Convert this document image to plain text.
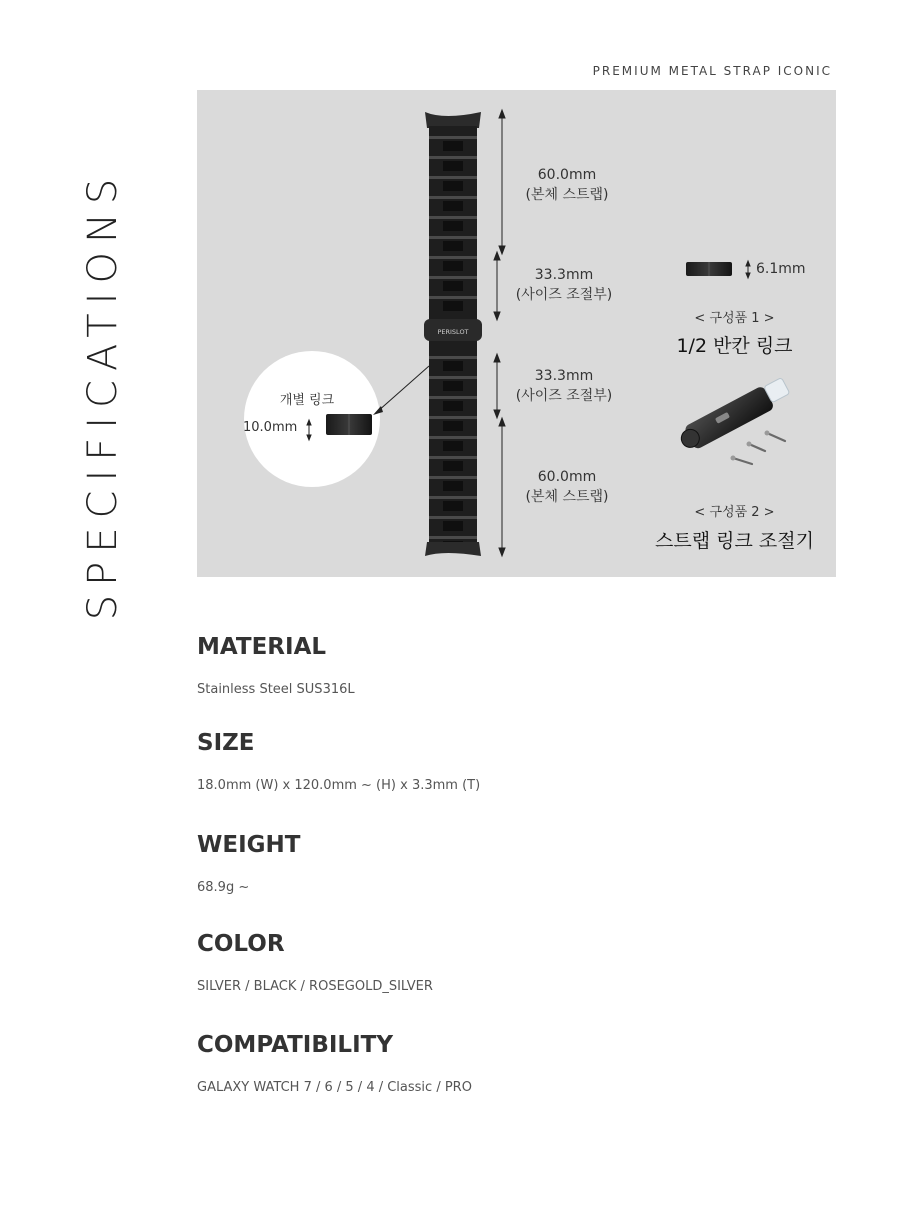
PREMIUM METAL STRAP ICONIC
SPECIFICATIONS	PERISLOT
60.0mm
(본체 스트랩)
33.3mm
(사이즈 조절부)
33.3mm
(사이즈 조절부)
60.0mm
(본체 스트랩)
개별 링크
10.0mm
6.1mm
< 구성품 1 >
1/2 반칸 링크
< 구성품 2 >
스트랩 링크 조절기
MATERIAL
Stainless Steel SUS316L
SIZE
18.0mm (W) x 120.0mm ~ (H) x 3.3mm (T)
WEIGHT
68.9g ~
COLOR
SILVER / BLACK / ROSEGOLD_SILVER
COMPATIBILITY
GALAXY WATCH 7 / 6 / 5 / 4 / Classic / PRO
